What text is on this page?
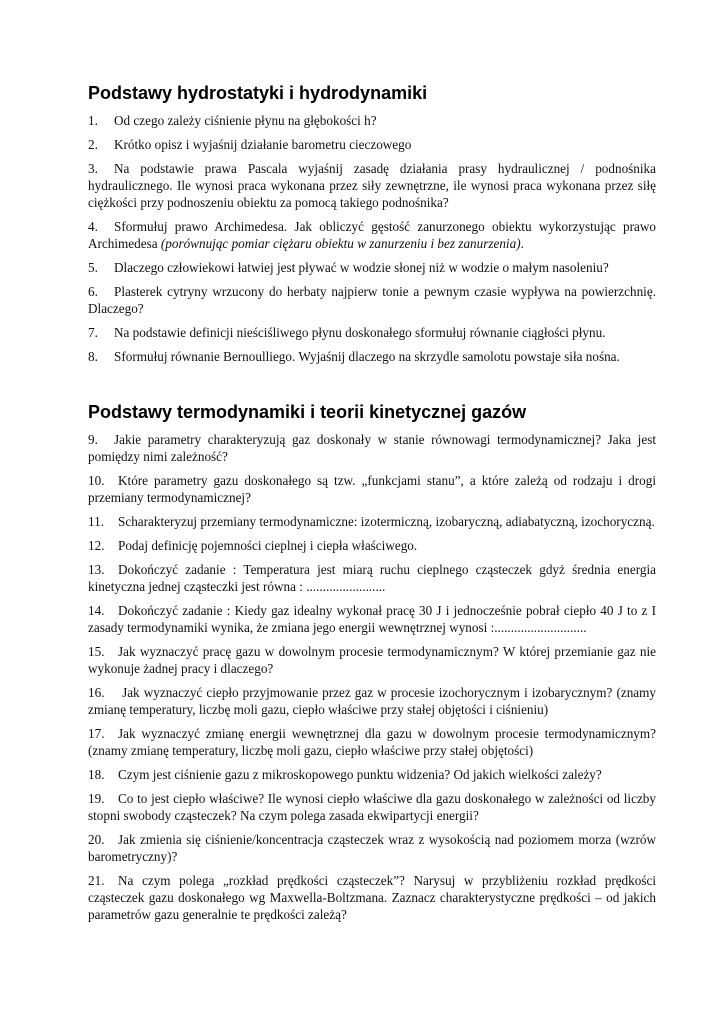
Podstawy hydrostatyki i hydrodynamiki

1. Od czego zależy ciśnienie płynu na głębokości h?

2. Krótko opisz i wyjaśnij działanie barometru cieczowego

3. Na podstawie prawa Pascala wyjaśnij zasadę działania prasy hydraulicznej / podnośnika hydraulicznego. Ile wynosi praca wykonana przez siły zewnętrzne, ile wynosi praca wykonana przez siłę ciężkości przy podnoszeniu obiektu za pomocą takiego podnośnika?

4. Sformułuj prawo Archimedesa. Jak obliczyć gęstość zanurzonego obiektu wykorzystując prawo Archimedesa (porównując pomiar ciężaru obiektu w zanurzeniu i bez zanurzenia).

5. Dlaczego człowiekowi łatwiej jest pływać w wodzie słonej niż w wodzie o małym nasoleniu?

6. Plasterek cytryny wrzucony do herbaty najpierw tonie a pewnym czasie wypływa na powierzchnię. Dlaczego?

7. Na podstawie definicji nieściśliwego płynu doskonałego sformułuj równanie ciągłości płynu.

8. Sformułuj równanie Bernoulliego. Wyjaśnij dlaczego na skrzydle samolotu powstaje siła nośna.

Podstawy termodynamiki i teorii kinetycznej gazów

9. Jakie parametry charakteryzują gaz doskonały w stanie równowagi termodynamicznej? Jaka jest pomiędzy nimi zależność?

10. Które parametry gazu doskonałego są tzw. „funkcjami stanu”, a które zależą od rodzaju i drogi przemiany termodynamicznej?

11. Scharakteryzuj przemiany termodynamiczne: izotermiczną, izobaryczną, adiabatyczną, izochoryczną.

12. Podaj definicję pojemności cieplnej i ciepła właściwego.

13. Dokończyć zadanie : Temperatura jest miarą ruchu cieplnego cząsteczek gdyż średnia energia kinetyczna jednej cząsteczki jest równa : ........................

14. Dokończyć zadanie : Kiedy gaz idealny wykonał pracę 30 J i jednocześnie pobrał ciepło 40 J to z I zasady termodynamiki wynika, że zmiana jego energii wewnętrznej wynosi :............................

15. Jak wyznaczyć pracę gazu w dowolnym procesie termodynamicznym? W której przemianie gaz nie wykonuje żadnej pracy i dlaczego?

16. Jak wyznaczyć ciepło przyjmowanie przez gaz w procesie izochorycznym i izobarycznym? (znamy zmianę temperatury, liczbę moli gazu, ciepło właściwe przy stałej objętości i ciśnieniu)

17. Jak wyznaczyć zmianę energii wewnętrznej dla gazu w dowolnym procesie termodynamicznym? (znamy zmianę temperatury, liczbę moli gazu, ciepło właściwe przy stałej objętości)

18. Czym jest ciśnienie gazu z mikroskopowego punktu widzenia? Od jakich wielkości zależy?

19. Co to jest ciepło właściwe? Ile wynosi ciepło właściwe dla gazu doskonałego w zależności od liczby stopni swobody cząsteczek? Na czym polega zasada ekwipartycji energii?

20. Jak zmienia się ciśnienie/koncentracja cząsteczek wraz z wysokością nad poziomem morza (wzrów barometryczny)?

21. Na czym polega „rozkład prędkości cząsteczek”? Narysuj w przybliżeniu rozkład prędkości cząsteczek gazu doskonałego wg Maxwella-Boltzmana. Zaznacz charakterystyczne prędkości – od jakich parametrów gazu generalnie te prędkości zależą?
